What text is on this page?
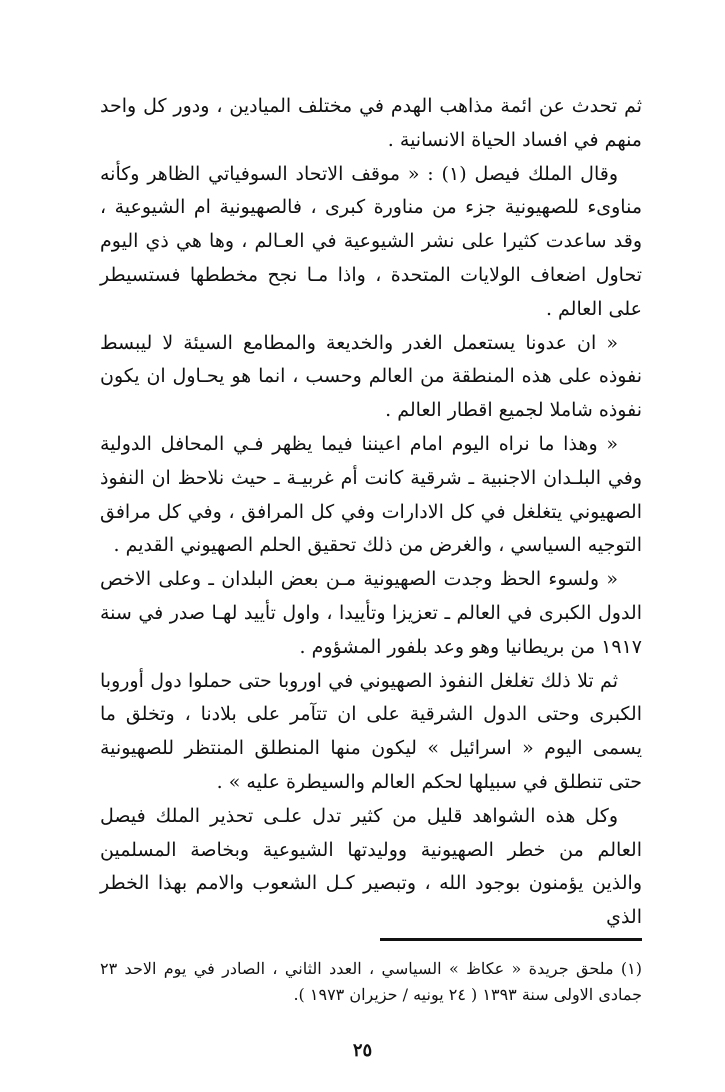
ثم تحدث عن ائمة مذاهب الهدم في مختلف الميادين ، ودور كل واحد منهم في افساد الحياة الانسانية .

وقال الملك فيصل (١) : « موقف الاتحاد السوفياتي الظاهر وكأنه مناوىء للصهيونية جزء من مناورة كبرى ، فالصهيونية ام الشيوعية ، وقد ساعدت كثيرا على نشر الشيوعية في العـالم ، وها هي ذي اليوم تحاول اضعاف الولايات المتحدة ، واذا مـا نجح مخططها فستسيطر على العالم .

« ان عدونا يستعمل الغدر والخديعة والمطامع السيئة لا ليبسط نفوذه على هذه المنطقة من العالم وحسب ، انما هو يحـاول ان يكون نفوذه شاملا لجميع اقطار العالم .

« وهذا ما نراه اليوم امام اعيننا فيما يظهر فـي المحافل الدولية وفي البلـدان الاجنبية ـ شرقية كانت أم غربيـة ـ حيث نلاحظ ان النفوذ الصهيوني يتغلغل في كل الادارات وفي كل المرافق ، وفي كل مرافق التوجيه السياسي ، والغرض من ذلك تحقيق الحلم الصهيوني القديم .

« ولسوء الحظ وجدت الصهيونية مـن بعض البلدان ـ وعلى الاخص الدول الكبرى في العالم ـ تعزيزا وتأييدا ، واول تأييد لهـا صدر في سنة ١٩١٧ من بريطانيا وهو وعد بلفور المشؤوم .

ثم تلا ذلك تغلغل النفوذ الصهيوني في اوروبا حتى حملوا دول أوروبا الكبرى وحتى الدول الشرقية على ان تتآمر على بلادنا ، وتخلق ما يسمى اليوم « اسرائيل » ليكون منها المنطلق المنتظر للصهيونية حتى تنطلق في سبيلها لحكم العالم والسيطرة عليه » .

وكل هذه الشواهد قليل من كثير تدل علـى تحذير الملك فيصل العالم من خطر الصهيونية ووليدتها الشيوعية وبخاصة المسلمين والذين يؤمنون بوجود الله ، وتبصير كـل الشعوب والامم بهذا الخطر الذي

(١) ملحق جريدة « عكاظ » السياسي ، العدد الثاني ، الصادر في يوم الاحد ٢٣ جمادى الاولى سنة ١٣٩٣ ( ٢٤ يونيه / حزيران ١٩٧٣ ).

٢٥
